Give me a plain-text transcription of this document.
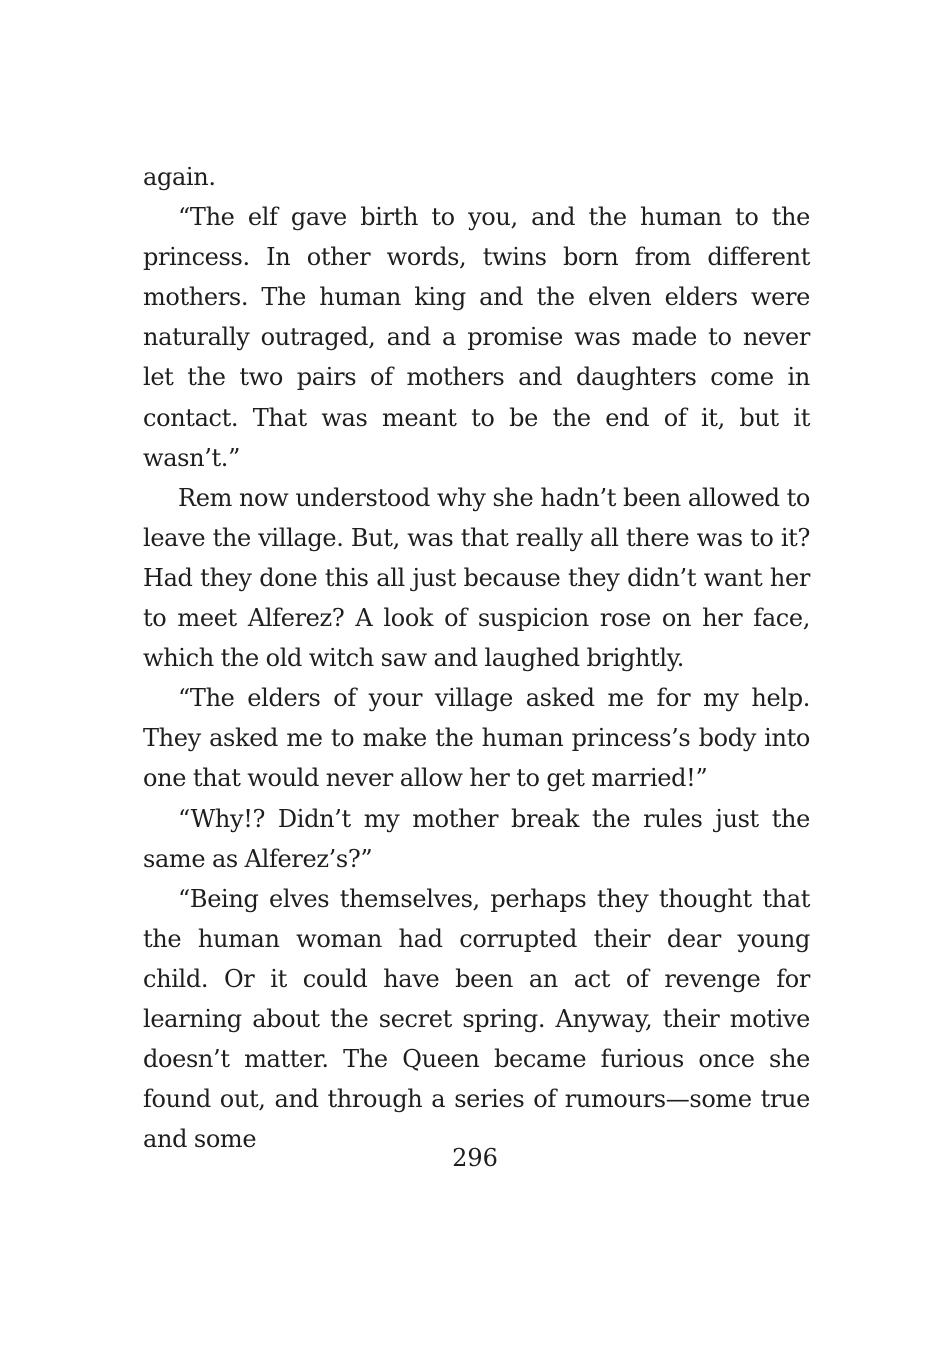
again.

“The elf gave birth to you, and the human to the princess. In other words, twins born from different mothers. The human king and the elven elders were naturally outraged, and a promise was made to never let the two pairs of mothers and daughters come in contact. That was meant to be the end of it, but it wasn’t.”

Rem now understood why she hadn’t been allowed to leave the village. But, was that really all there was to it? Had they done this all just because they didn’t want her to meet Alferez? A look of suspicion rose on her face, which the old witch saw and laughed brightly.

“The elders of your village asked me for my help. They asked me to make the human princess’s body into one that would never allow her to get married!”

“Why!? Didn’t my mother break the rules just the same as Alferez’s?”

“Being elves themselves, perhaps they thought that the human woman had corrupted their dear young child. Or it could have been an act of revenge for learning about the secret spring. Anyway, their motive doesn’t matter. The Queen became furious once she found out, and through a series of rumours—some true and some

296
